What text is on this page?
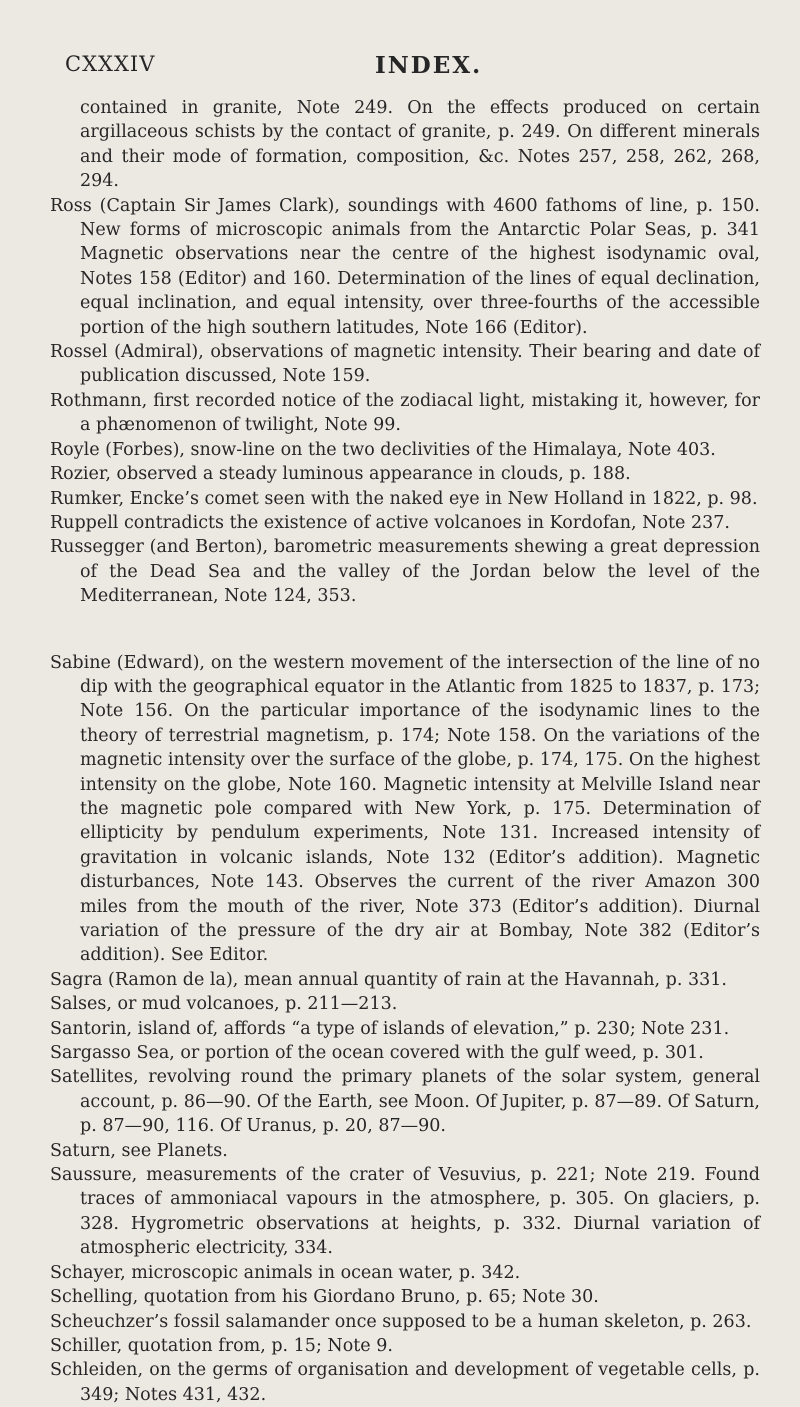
CXXXIV	INDEX.

contained in granite, Note 249. On the effects produced on certain argillaceous schists by the contact of granite, p. 249. On different minerals and their mode of formation, composition, &c. Notes 257, 258, 262, 268, 294.

Ross (Captain Sir James Clark), soundings with 4600 fathoms of line, p. 150. New forms of microscopic animals from the Antarctic Polar Seas, p. 341 Magnetic observations near the centre of the highest isodynamic oval, Notes 158 (Editor) and 160. Determination of the lines of equal declination, equal inclination, and equal intensity, over three-fourths of the accessible portion of the high southern latitudes, Note 166 (Editor).

Rossel (Admiral), observations of magnetic intensity. Their bearing and date of publication discussed, Note 159.

Rothmann, first recorded notice of the zodiacal light, mistaking it, however, for a phænomenon of twilight, Note 99.

Royle (Forbes), snow-line on the two declivities of the Himalaya, Note 403.

Rozier, observed a steady luminous appearance in clouds, p. 188.

Rumker, Encke’s comet seen with the naked eye in New Holland in 1822, p. 98.

Ruppell contradicts the existence of active volcanoes in Kordofan, Note 237.

Russegger (and Berton), barometric measurements shewing a great depression of the Dead Sea and the valley of the Jordan below the level of the Mediterranean, Note 124, 353.

Sabine (Edward), on the western movement of the intersection of the line of no dip with the geographical equator in the Atlantic from 1825 to 1837, p. 173; Note 156. On the particular importance of the isodynamic lines to the theory of terrestrial magnetism, p. 174; Note 158. On the variations of the magnetic intensity over the surface of the globe, p. 174, 175. On the highest intensity on the globe, Note 160. Magnetic intensity at Melville Island near the magnetic pole compared with New York, p. 175. Determination of ellipticity by pendulum experiments, Note 131. Increased intensity of gravitation in volcanic islands, Note 132 (Editor’s addition). Magnetic disturbances, Note 143. Observes the current of the river Amazon 300 miles from the mouth of the river, Note 373 (Editor’s addition). Diurnal variation of the pressure of the dry air at Bombay, Note 382 (Editor’s addition). See Editor.

Sagra (Ramon de la), mean annual quantity of rain at the Havannah, p. 331.

Salses, or mud volcanoes, p. 211—213.

Santorin, island of, affords “a type of islands of elevation,” p. 230; Note 231.

Sargasso Sea, or portion of the ocean covered with the gulf weed, p. 301.

Satellites, revolving round the primary planets of the solar system, general account, p. 86—90. Of the Earth, see Moon. Of Jupiter, p. 87—89. Of Saturn, p. 87—90, 116. Of Uranus, p. 20, 87—90.

Saturn, see Planets.

Saussure, measurements of the crater of Vesuvius, p. 221; Note 219. Found traces of ammoniacal vapours in the atmosphere, p. 305. On glaciers, p. 328. Hygrometric observations at heights, p. 332. Diurnal variation of atmospheric electricity, 334.

Schayer, microscopic animals in ocean water, p. 342.

Schelling, quotation from his Giordano Bruno, p. 65; Note 30.

Scheuchzer’s fossil salamander once supposed to be a human skeleton, p. 263.

Schiller, quotation from, p. 15; Note 9.

Schleiden, on the germs of organisation and development of vegetable cells, p. 349; Notes 431, 432.
